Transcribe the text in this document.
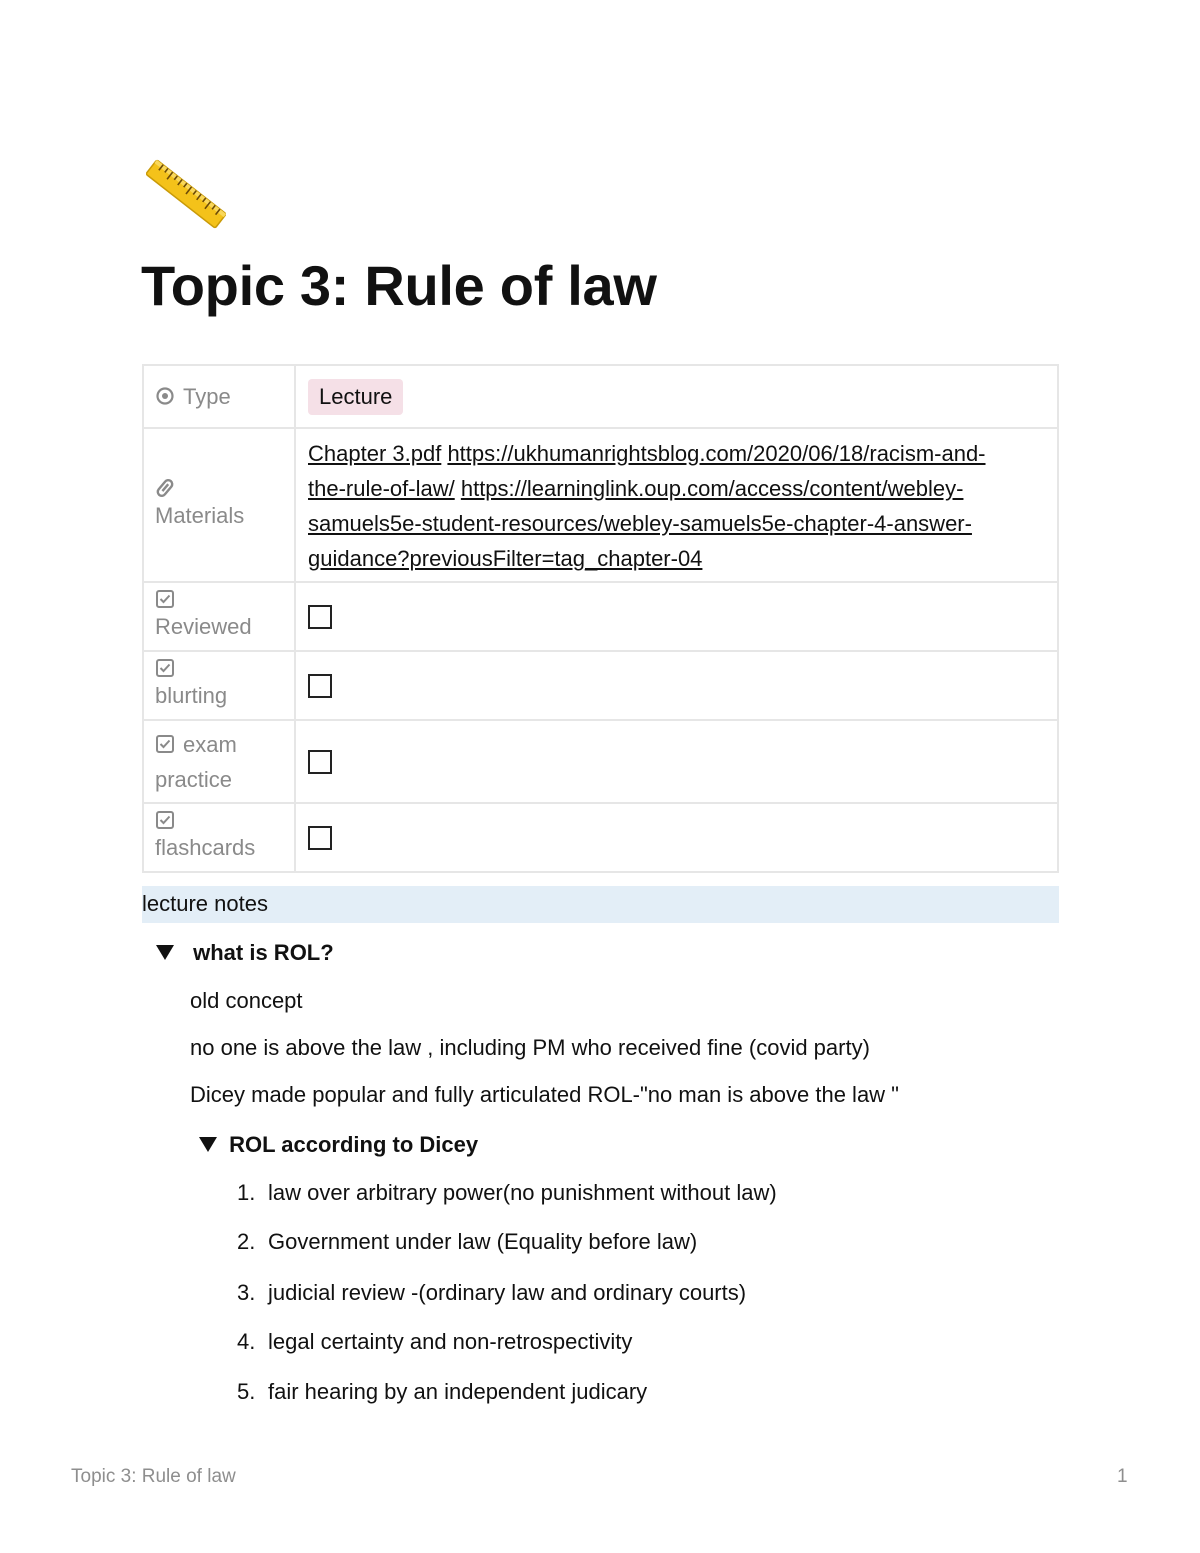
Topic 3: Rule of law
Type	Lecture

Materials	Chapter 3.pdf https://ukhumanrightsblog.com/2020/06/18/racism-and-
the-rule-of-law/ https://learninglink.oup.com/access/content/webley-
samuels5e-student-resources/webley-samuels5e-chapter-4-answer-
guidance?previousFilter=tag_chapter-04

Reviewed	

blurting	

exam
practice	

flashcards	
lecture notes
what is ROL?
old concept
no one is above the law , including PM who received fine (covid party)
Dicey made popular and fully articulated ROL-"no man is above the law "
ROL according to Dicey
1. law over arbitrary power(no punishment without law)
2. Government under law (Equality before law)
3. judicial review -(ordinary law and ordinary courts)
4. legal certainty and non-retrospectivity
5. fair hearing by an independent judicary
Topic 3: Rule of law	1
